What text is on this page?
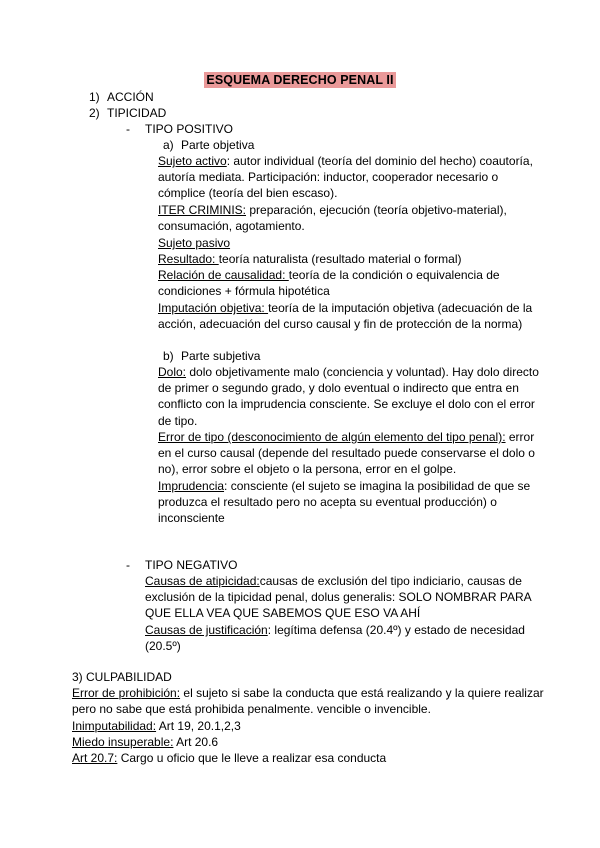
ESQUEMA DERECHO PENAL II
1) ACCIÓN
2) TIPICIDAD
- TIPO POSITIVO
a) Parte objetiva
Sujeto activo: autor individual (teoría del dominio del hecho) coautoría, autoría mediata. Participación: inductor, cooperador necesario o cómplice (teoría del bien escaso).
ITER CRIMINIS: preparación, ejecución (teoría objetivo-material), consumación, agotamiento.
Sujeto pasivo
Resultado: teoría naturalista (resultado material o formal)
Relación de causalidad: teoría de la condición o equivalencia de condiciones + fórmula hipotética
Imputación objetiva: teoría de la imputación objetiva (adecuación de la acción, adecuación del curso causal y fin de protección de la norma)
b) Parte subjetiva
Dolo: dolo objetivamente malo (conciencia y voluntad). Hay dolo directo de primer o segundo grado, y dolo eventual o indirecto que entra en conflicto con la imprudencia consciente. Se excluye el dolo con el error de tipo.
Error de tipo (desconocimiento de algún elemento del tipo penal): error en el curso causal (depende del resultado puede conservarse el dolo o no), error sobre el objeto o la persona, error en el golpe.
Imprudencia: consciente (el sujeto se imagina la posibilidad de que se produzca el resultado pero no acepta su eventual producción) o inconsciente
- TIPO NEGATIVO
Causas de atipicidad:causas de exclusión del tipo indiciario, causas de exclusión de la tipicidad penal, dolus generalis: SOLO NOMBRAR PARA QUE ELLA VEA QUE SABEMOS QUE ESO VA AHÍ
Causas de justificación: legítima defensa (20.4º) y estado de necesidad (20.5º)
3) CULPABILIDAD
Error de prohibición: el sujeto si sabe la conducta que está realizando y la quiere realizar pero no sabe que está prohibida penalmente. vencible o invencible.
Inimputabilidad: Art 19, 20.1,2,3
Miedo insuperable: Art 20.6
Art 20.7: Cargo u oficio que le lleve a realizar esa conducta
